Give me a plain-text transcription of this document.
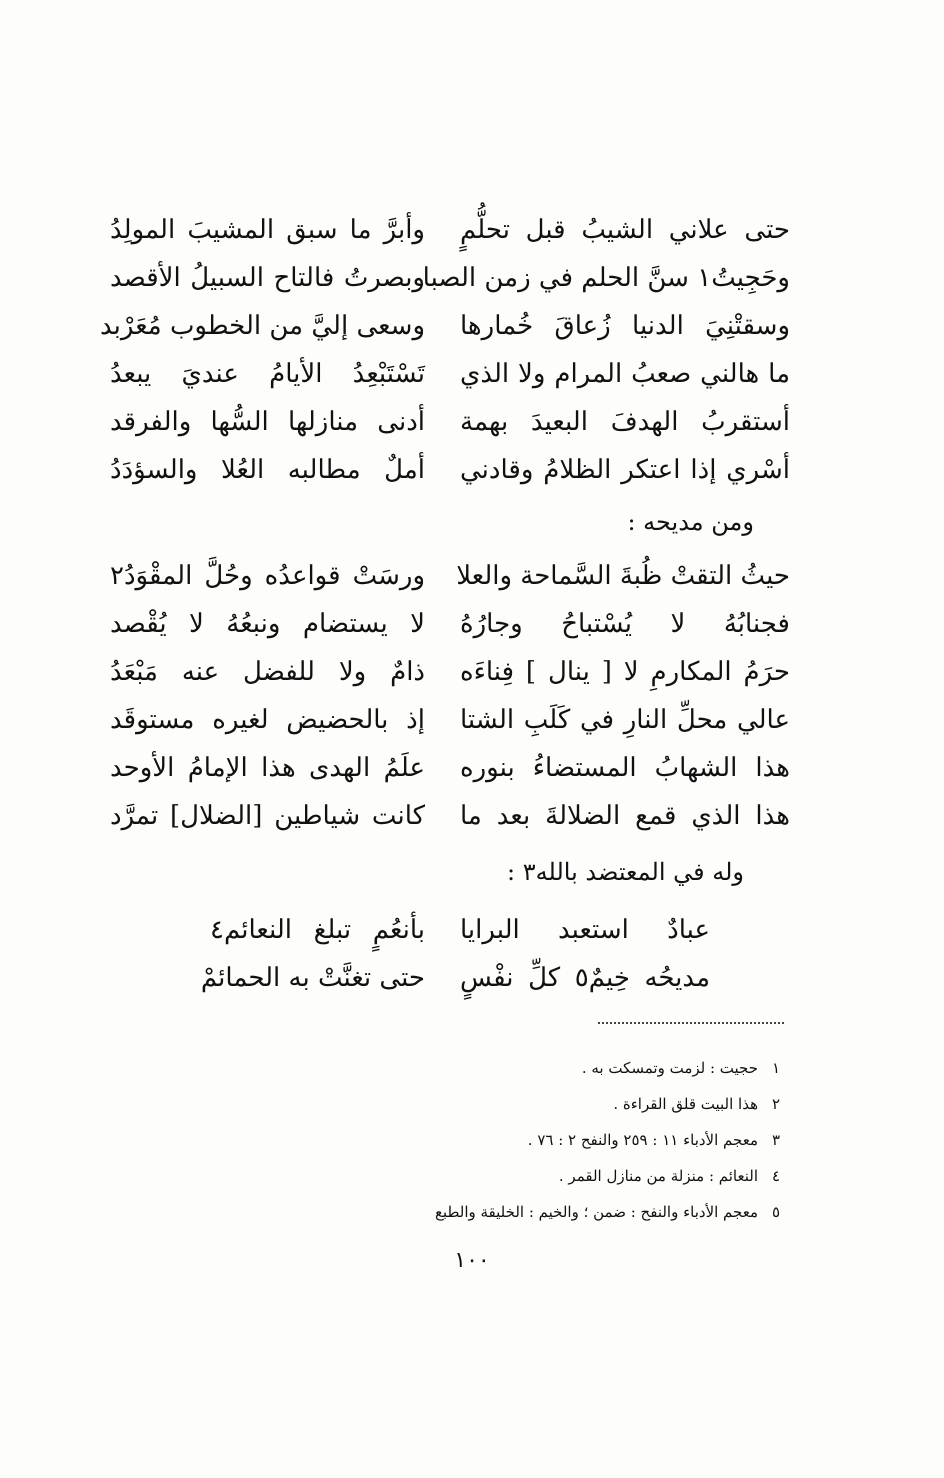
حتى علاني الشيبُ قبل تحلُّمٍ
وأبرَّ ما سبق المشيبَ المولِدُ
وحَجِيتُ١ سنَّ الحلم في زمن الصبا
وبصرتُ فالتاح السبيلُ الأقصد
وسقتْنِيَ الدنيا زُعاقَ خُمارها
وسعى إليَّ من الخطوب مُعَرْبد
ما هالني صعبُ المرام ولا الذي
تَسْتَبْعِدُ الأيامُ عنديَ يبعدُ
أستقربُ الهدفَ البعيدَ بهمة
أدنى منازلها السُّها والفرقد
أسْري إذا اعتكر الظلامُ وقادني
أملٌ مطالبه العُلا والسؤدَدُ
ومن مديحه :
حيثُ التقتْ ظُبةَ السَّماحة والعلا
ورسَتْ قواعدُه وحُلَّ المقْوَدُ٢
فجنابُهُ لا يُسْتباحُ وجارُهُ
لا يستضام ونبعُهُ لا يُقْصد
حرَمُ المكارمِ لا [ ينال ] فِناءَه
ذامٌ ولا للفضل عنه مَبْعَدُ
عالي محلِّ النارِ في كَلَبِ الشتا
إذ بالحضيض لغيره مستوقَد
هذا الشهابُ المستضاءُ بنوره
علَمُ الهدى هذا الإمامُ الأوحد
هذا الذي قمع الضلالةَ بعد ما
كانت شياطين [الضلال] تمرَّد
وله في المعتضد بالله٣ :
عبادٌ استعبد البرايا
بأنعُمٍ تبلغ النعائم٤
مديحُه خِيمٌ٥ كلِّ نفْسٍ
حتى تغنَّتْ به الحمائمْ
١
حجيت : لزمت وتمسكت به .
٢
هذا البيت قلق القراءة .
٣
معجم الأدباء ١١ : ٢٥٩ والنفح ٢ : ٧٦ .
٤
النعائم : منزلة من منازل القمر .
٥
معجم الأدباء والنفح : ضمن ؛ والخيم : الخليقة والطبع
١٠٠
